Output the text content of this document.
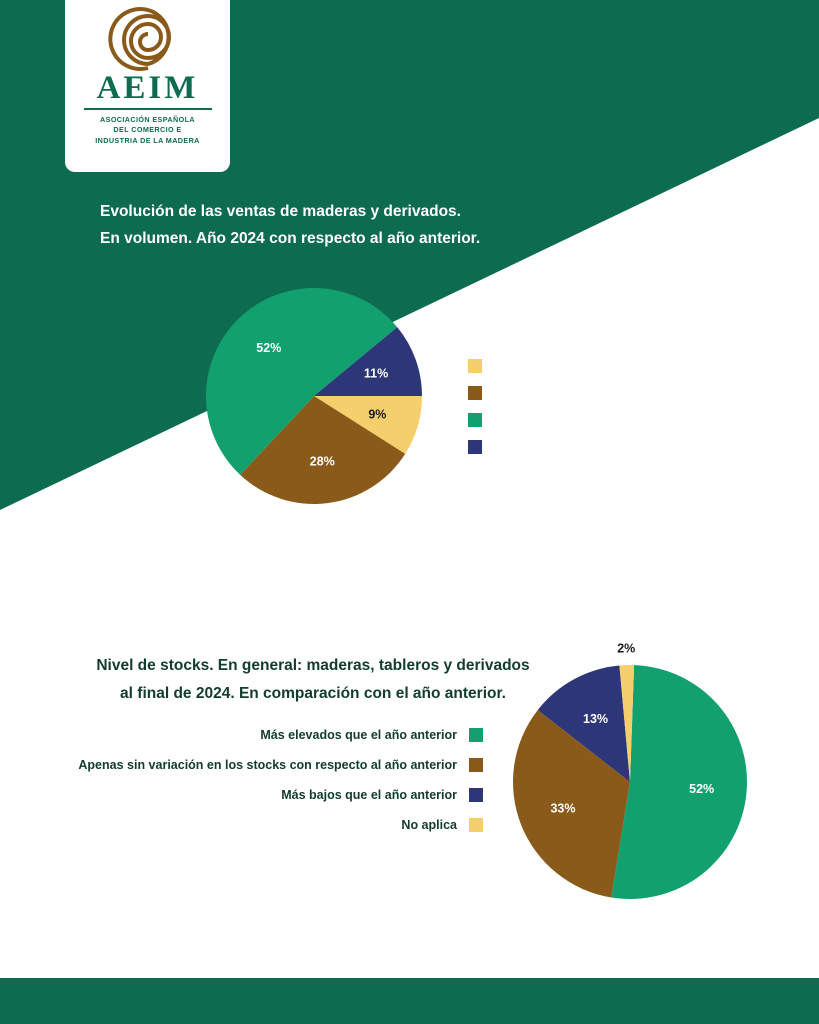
AEIM
ASOCIACIÓN ESPAÑOLA
DEL COMERCIO E
INDUSTRIA DE LA MADERA
Evolución de las ventas de maderas y derivados.
En volumen. Año 2024 con respecto al año anterior.
9%
28%
52%
11%
Aumento mayor de un 10%
Aumento hasta un 10%
Semejante al año anterior
Descenso hasta un 10%
Nivel de stocks. En general: maderas, tableros y derivados
al final de 2024. En comparación con el año anterior.
Más elevados que el año anterior
Apenas sin variación en los stocks con respecto al año anterior
Más bajos que el año anterior
No aplica
52%
33%
13%
2%
